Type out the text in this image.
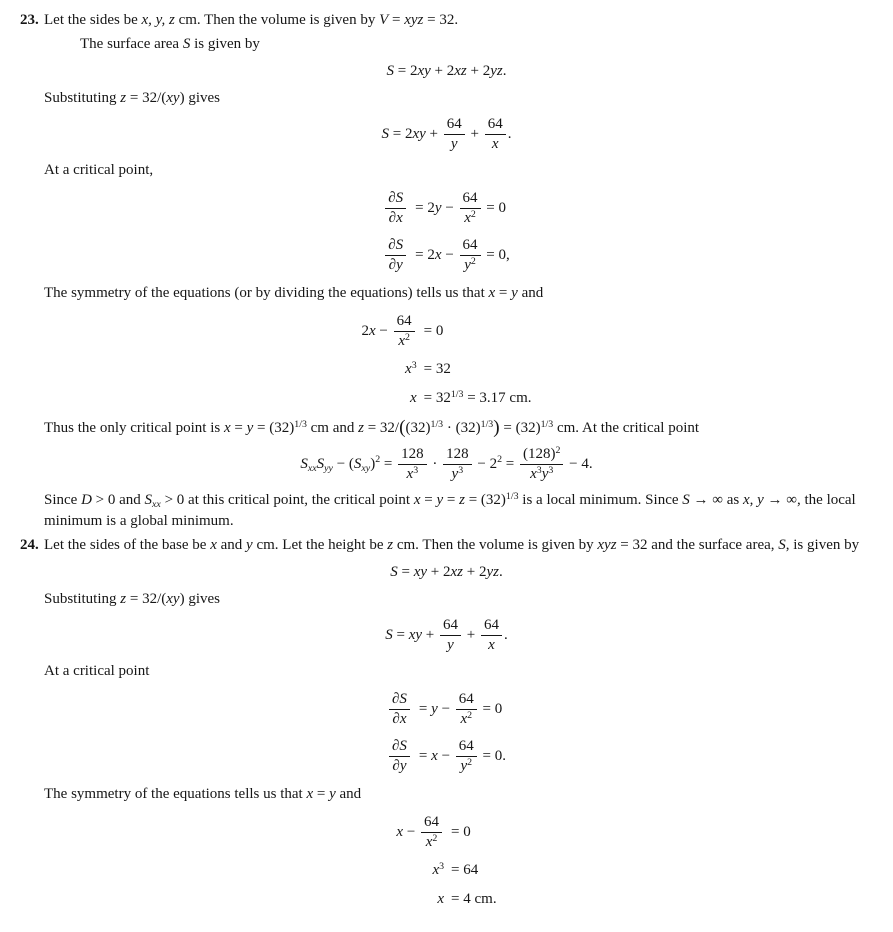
23. Let the sides be x, y, z cm. Then the volume is given by V = xyz = 32.
The surface area S is given by
S = 2xy + 2xz + 2yz.
Substituting z = 32/(xy) gives
$S = 2xy + \frac{64}{y} + \frac{64}{x}$ .
At a critical point,
$\frac{\partial S}{\partial x}$	= $2y - \frac{64}{x^2} = 0$

$\frac{\partial S}{\partial y}$	= $2x - \frac{64}{y^2} = 0$,
The symmetry of the equations (or by dividing the equations) tells us that x = y and
$2x - \frac{64}{x^2}$	= 0
$x^3$	= 32
x	= $32^{1/3} = 3.17$ cm.
Thus the only critical point is $x = y = (32)^{1/3}$ cm and $z = 32/((32)^{1/3} \cdot (32)^{1/3}) = (32)^{1/3}$ cm. At the critical point
$S_{xx}S_{yy} - (S_{xy})^2 = \frac{128}{x^3} \cdot \frac{128}{y^3} - 2^2 = \frac{(128)^2}{x^3y^3} - 4$.
Since D > 0 and $S_{xx} > 0$ at this critical point, the critical point $x = y = z = (32)^{1/3}$ is a local minimum. Since S → ∞ as x, y → ∞, the local minimum is a global minimum.
24. Let the sides of the base be x and y cm. Let the height be z cm. Then the volume is given by xyz = 32 and the surface area, S, is given by
S = xy + 2xz + 2yz.
Substituting z = 32/(xy) gives
S = xy + $\frac{64}{y} + \frac{64}{x}$ .
At a critical point
$\frac{\partial S}{\partial x}$	= $y - \frac{64}{x^2} = 0$

$\frac{\partial S}{\partial y}$	= $x - \frac{64}{y^2} = 0$.
The symmetry of the equations tells us that x = y and
$x - \frac{64}{x^2}$	= 0
$x^3$	= 64
x	= 4 cm.
